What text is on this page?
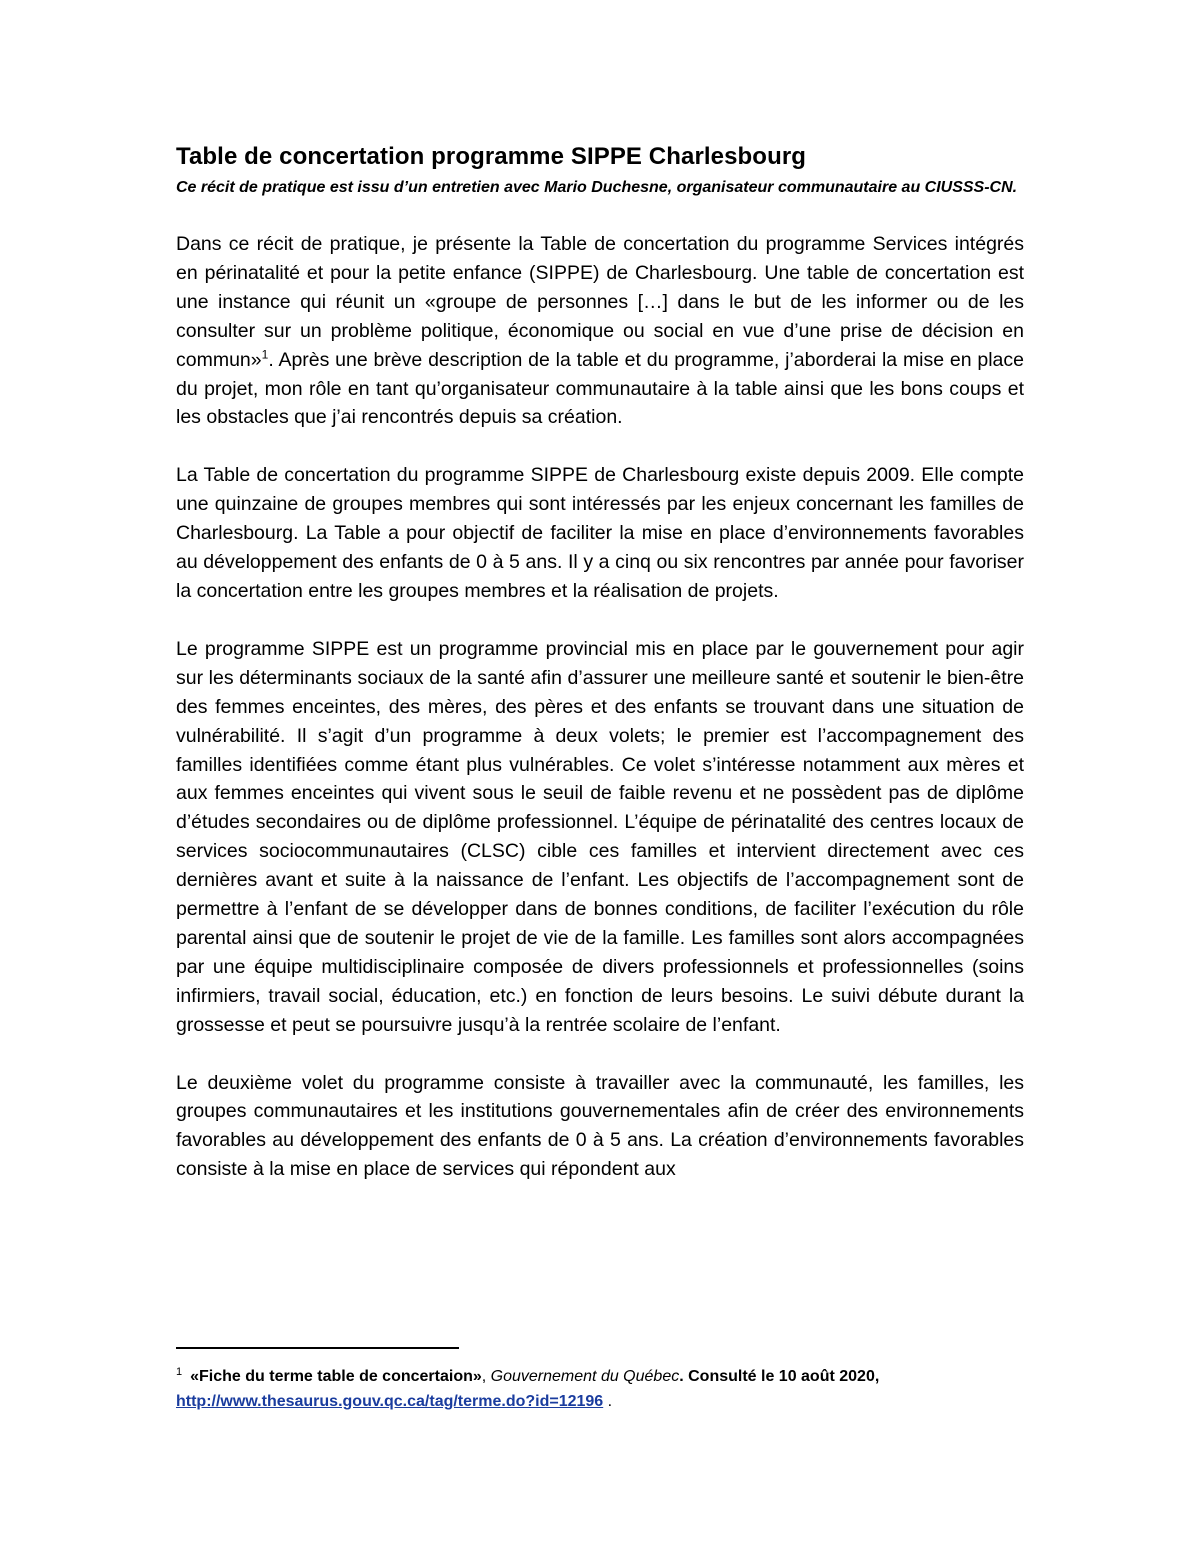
Table de concertation programme SIPPE Charlesbourg

Ce récit de pratique est issu d’un entretien avec Mario Duchesne, organisateur communautaire au CIUSSS-CN.

Dans ce récit de pratique, je présente la Table de concertation du programme Services intégrés en périnatalité et pour la petite enfance (SIPPE) de Charlesbourg. Une table de concertation est une instance qui réunit un «groupe de personnes […] dans le but de les informer ou de les consulter sur un problème politique, économique ou social en vue d’une prise de décision en commun»$^1$. Après une brève description de la table et du programme, j’aborderai la mise en place du projet, mon rôle en tant qu’organisateur communautaire à la table ainsi que les bons coups et les obstacles que j’ai rencontrés depuis sa création.

La Table de concertation du programme SIPPE de Charlesbourg existe depuis 2009. Elle compte une quinzaine de groupes membres qui sont intéressés par les enjeux concernant les familles de Charlesbourg. La Table a pour objectif de faciliter la mise en place d’environnements favorables au développement des enfants de 0 à 5 ans. Il y a cinq ou six rencontres par année pour favoriser la concertation entre les groupes membres et la réalisation de projets.

Le programme SIPPE est un programme provincial mis en place par le gouvernement pour agir sur les déterminants sociaux de la santé afin d’assurer une meilleure santé et soutenir le bien-être des femmes enceintes, des mères, des pères et des enfants se trouvant dans une situation de vulnérabilité. Il s’agit d’un programme à deux volets; le premier est l’accompagnement des familles identifiées comme étant plus vulnérables. Ce volet s’intéresse notamment aux mères et aux femmes enceintes qui vivent sous le seuil de faible revenu et ne possèdent pas de diplôme d’études secondaires ou de diplôme professionnel. L’équipe de périnatalité des centres locaux de services sociocommunautaires (CLSC) cible ces familles et intervient directement avec ces dernières avant et suite à la naissance de l’enfant. Les objectifs de l’accompagnement sont de permettre à l’enfant de se développer dans de bonnes conditions, de faciliter l’exécution du rôle parental ainsi que de soutenir le projet de vie de la famille. Les familles sont alors accompagnées par une équipe multidisciplinaire composée de divers professionnels et professionnelles (soins infirmiers, travail social, éducation, etc.) en fonction de leurs besoins. Le suivi débute durant la grossesse et peut se poursuivre jusqu’à la rentrée scolaire de l’enfant.

Le deuxième volet du programme consiste à travailler avec la communauté, les familles, les groupes communautaires et les institutions gouvernementales afin de créer des environnements favorables au développement des enfants de 0 à 5 ans. La création d’environnements favorables consiste à la mise en place de services qui répondent aux

$^1$ «Fiche du terme table de concertaion», Gouvernement du Québec. Consulté le 10 août 2020,
http://www.thesaurus.gouv.qc.ca/tag/terme.do?id=12196 .
